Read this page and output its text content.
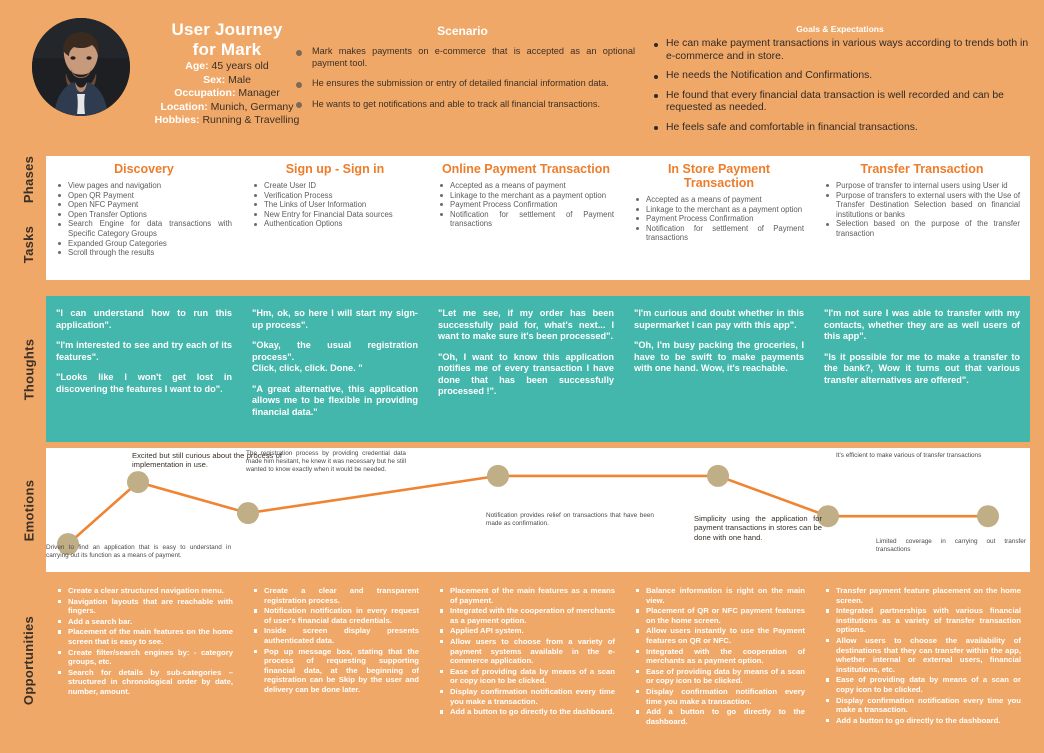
User Journey
for Mark
Age: 45 years old
Sex: Male
Occupation: Manager
Location: Munich, Germany
Hobbies: Running & Travelling
Scenario
Mark makes payments on e-commerce that is accepted as an optional payment tool.
He ensures the submission or entry of detailed financial information data.
He wants to get notifications and able to track all financial transactions.
Goals & Expectations
He can make payment transactions in various ways according to trends both in e-commerce and in store.
He needs the Notification and Confirmations.
He found that every financial data transaction is well recorded and can be requested as needed.
He feels safe and comfortable in financial transactions.
Phases
Tasks
Thoughts
Emotions
Opportunities
Discovery
View pages and navigation
Open QR Payment
Open NFC Payment
Open Transfer Options
Search Engine for data transactions with Specific Category Groups
Expanded Group Categories
Scroll through the results
Sign up - Sign in
Create User ID
Verification Process
The Links of User Information
New Entry for Financial Data sources
Authentication Options
Online Payment Transaction
Accepted as a means of payment
Linkage to the merchant as a payment option
Payment Process Confirmation
Notification for settlement of Payment transactions
In Store Payment Transaction
Accepted as a means of payment
Linkage to the merchant as a payment option
Payment Process Confirmation
Notification for settlement of Payment transactions
Transfer Transaction
Purpose of transfer to internal users using User id
Purpose of transfers to external users with the Use of Transfer Destination Selection based on financial institutions or banks
Selection based on the purpose of the transfer transaction
"I can understand how to run this application".
"I'm interested to see and try each of its features".
"Looks like I won't get lost in discovering the features I want to do".
"Hm, ok, so here I will start my sign-up process".
"Okay, the usual registration process".
Click, click, click. Done. "
"A great alternative, this application allows me to be flexible in providing financial data."
"Let me see, if my order has been successfully paid for, what's next... I want to make sure it's been processed".
"Oh, I want to know this application notifies me of every transaction I have done that has been successfully processed !".
"I'm curious and doubt whether in this supermarket I can pay with this app".
"Oh, I'm busy packing the groceries, I have to be swift to make payments with one hand. Wow, it's reachable.
"I'm not sure I was able to transfer with my contacts, whether they are as well users of this app".
"Is it possible for me to make a transfer to the bank?, Wow it turns out that various transfer alternatives are offered".
Excited but still curious about the process of implementation in use.
Driven to find an application that is easy to understand in carrying out its function as a means of payment.
The registration process by providing credential data made him hesitant, he knew it was necessary but he still wanted to know exactly when it would be needed.
Notification provides relief on transactions that have been made as confirmation.
Simplicity using the application for payment transactions in stores can be done with one hand.
It's efficient to make various of transfer transactions
Limited coverage in carrying out transfer transactions
Create a clear structured navigation menu.
Navigation layouts that are reachable with fingers.
Add a search bar.
Placement of the main features on the home screen that is easy to see.
Create filter/search engines by: - category groups, etc.
Search for details by sub-categories – structured in chronological order by date, number, amount.
Create a clear and transparent registration process.
Notification notification in every request of user's financial data credentials.
Inside screen display presents authenticated data.
Pop up message box, stating that the process of requesting supporting financial data, at the beginning of registration can be Skip by the user and delivery can be done later.
Placement of the main features as a means of payment.
Integrated with the cooperation of merchants as a payment option.
Applied API system.
Allow users to choose from a variety of payment systems available in the e-commerce application.
Ease of providing data by means of a scan or copy icon to be clicked.
Display confirmation notification every time you make a transaction.
Add a button to go directly to the dashboard.
Balance information is right on the main view.
Placement of QR or NFC payment features on the home screen.
Allow users instantly to use the Payment features on QR or NFC.
Integrated with the cooperation of merchants as a payment option.
Ease of providing data by means of a scan or copy icon to be clicked.
Display confirmation notification every time you make a transaction.
Add a button to go directly to the dashboard.
Transfer payment feature placement on the home screen.
Integrated partnerships with various financial institutions as a variety of transfer transaction options.
Allow users to choose the availability of destinations that they can transfer within the app, whether internal or external users, financial institutions, etc.
Ease of providing data by means of a scan or copy icon to be clicked.
Display confirmation notification every time you make a transaction.
Add a button to go directly to the dashboard.
